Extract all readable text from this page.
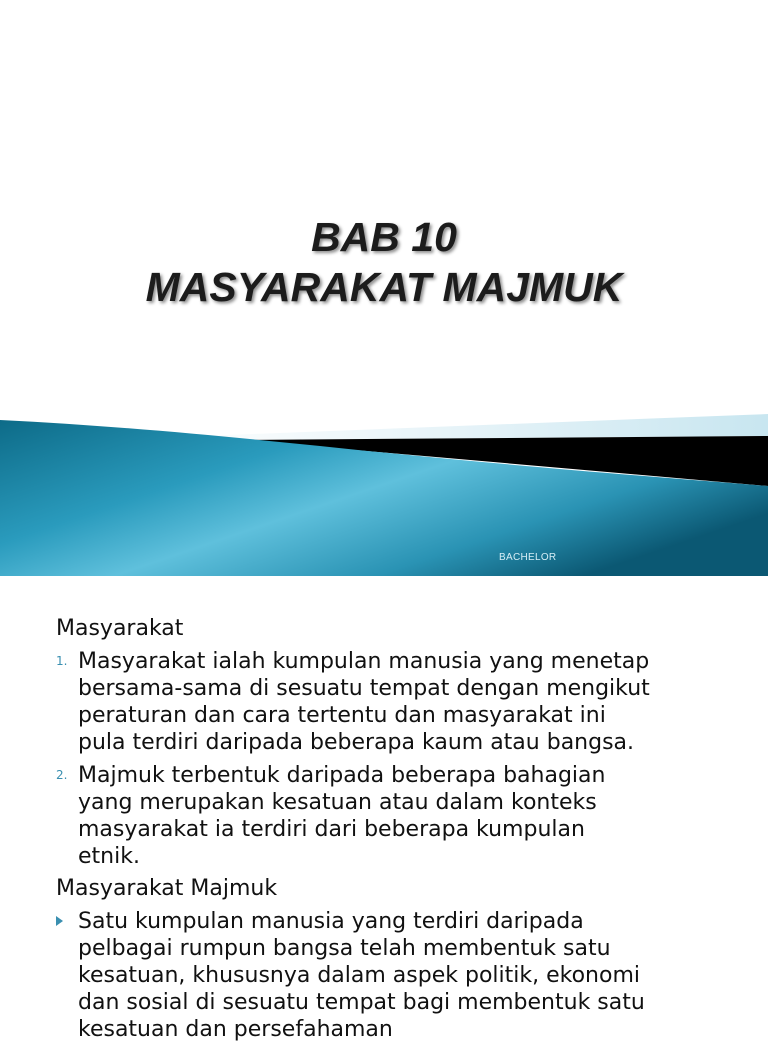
BAB 10
MASYARAKAT MAJMUK
BACHELOR
Masyarakat
1. Masyarakat ialah kumpulan manusia yang menetap
bersama-sama di sesuatu tempat dengan mengikut
peraturan dan cara tertentu dan masyarakat ini
pula terdiri daripada beberapa kaum atau bangsa.
2. Majmuk terbentuk daripada beberapa bahagian
yang merupakan kesatuan atau dalam konteks
masyarakat ia terdiri dari beberapa kumpulan
etnik.
Masyarakat Majmuk
Satu kumpulan manusia yang terdiri daripada
pelbagai rumpun bangsa telah membentuk satu
kesatuan, khususnya dalam aspek politik, ekonomi
dan sosial di sesuatu tempat bagi membentuk satu
kesatuan dan persefahaman
